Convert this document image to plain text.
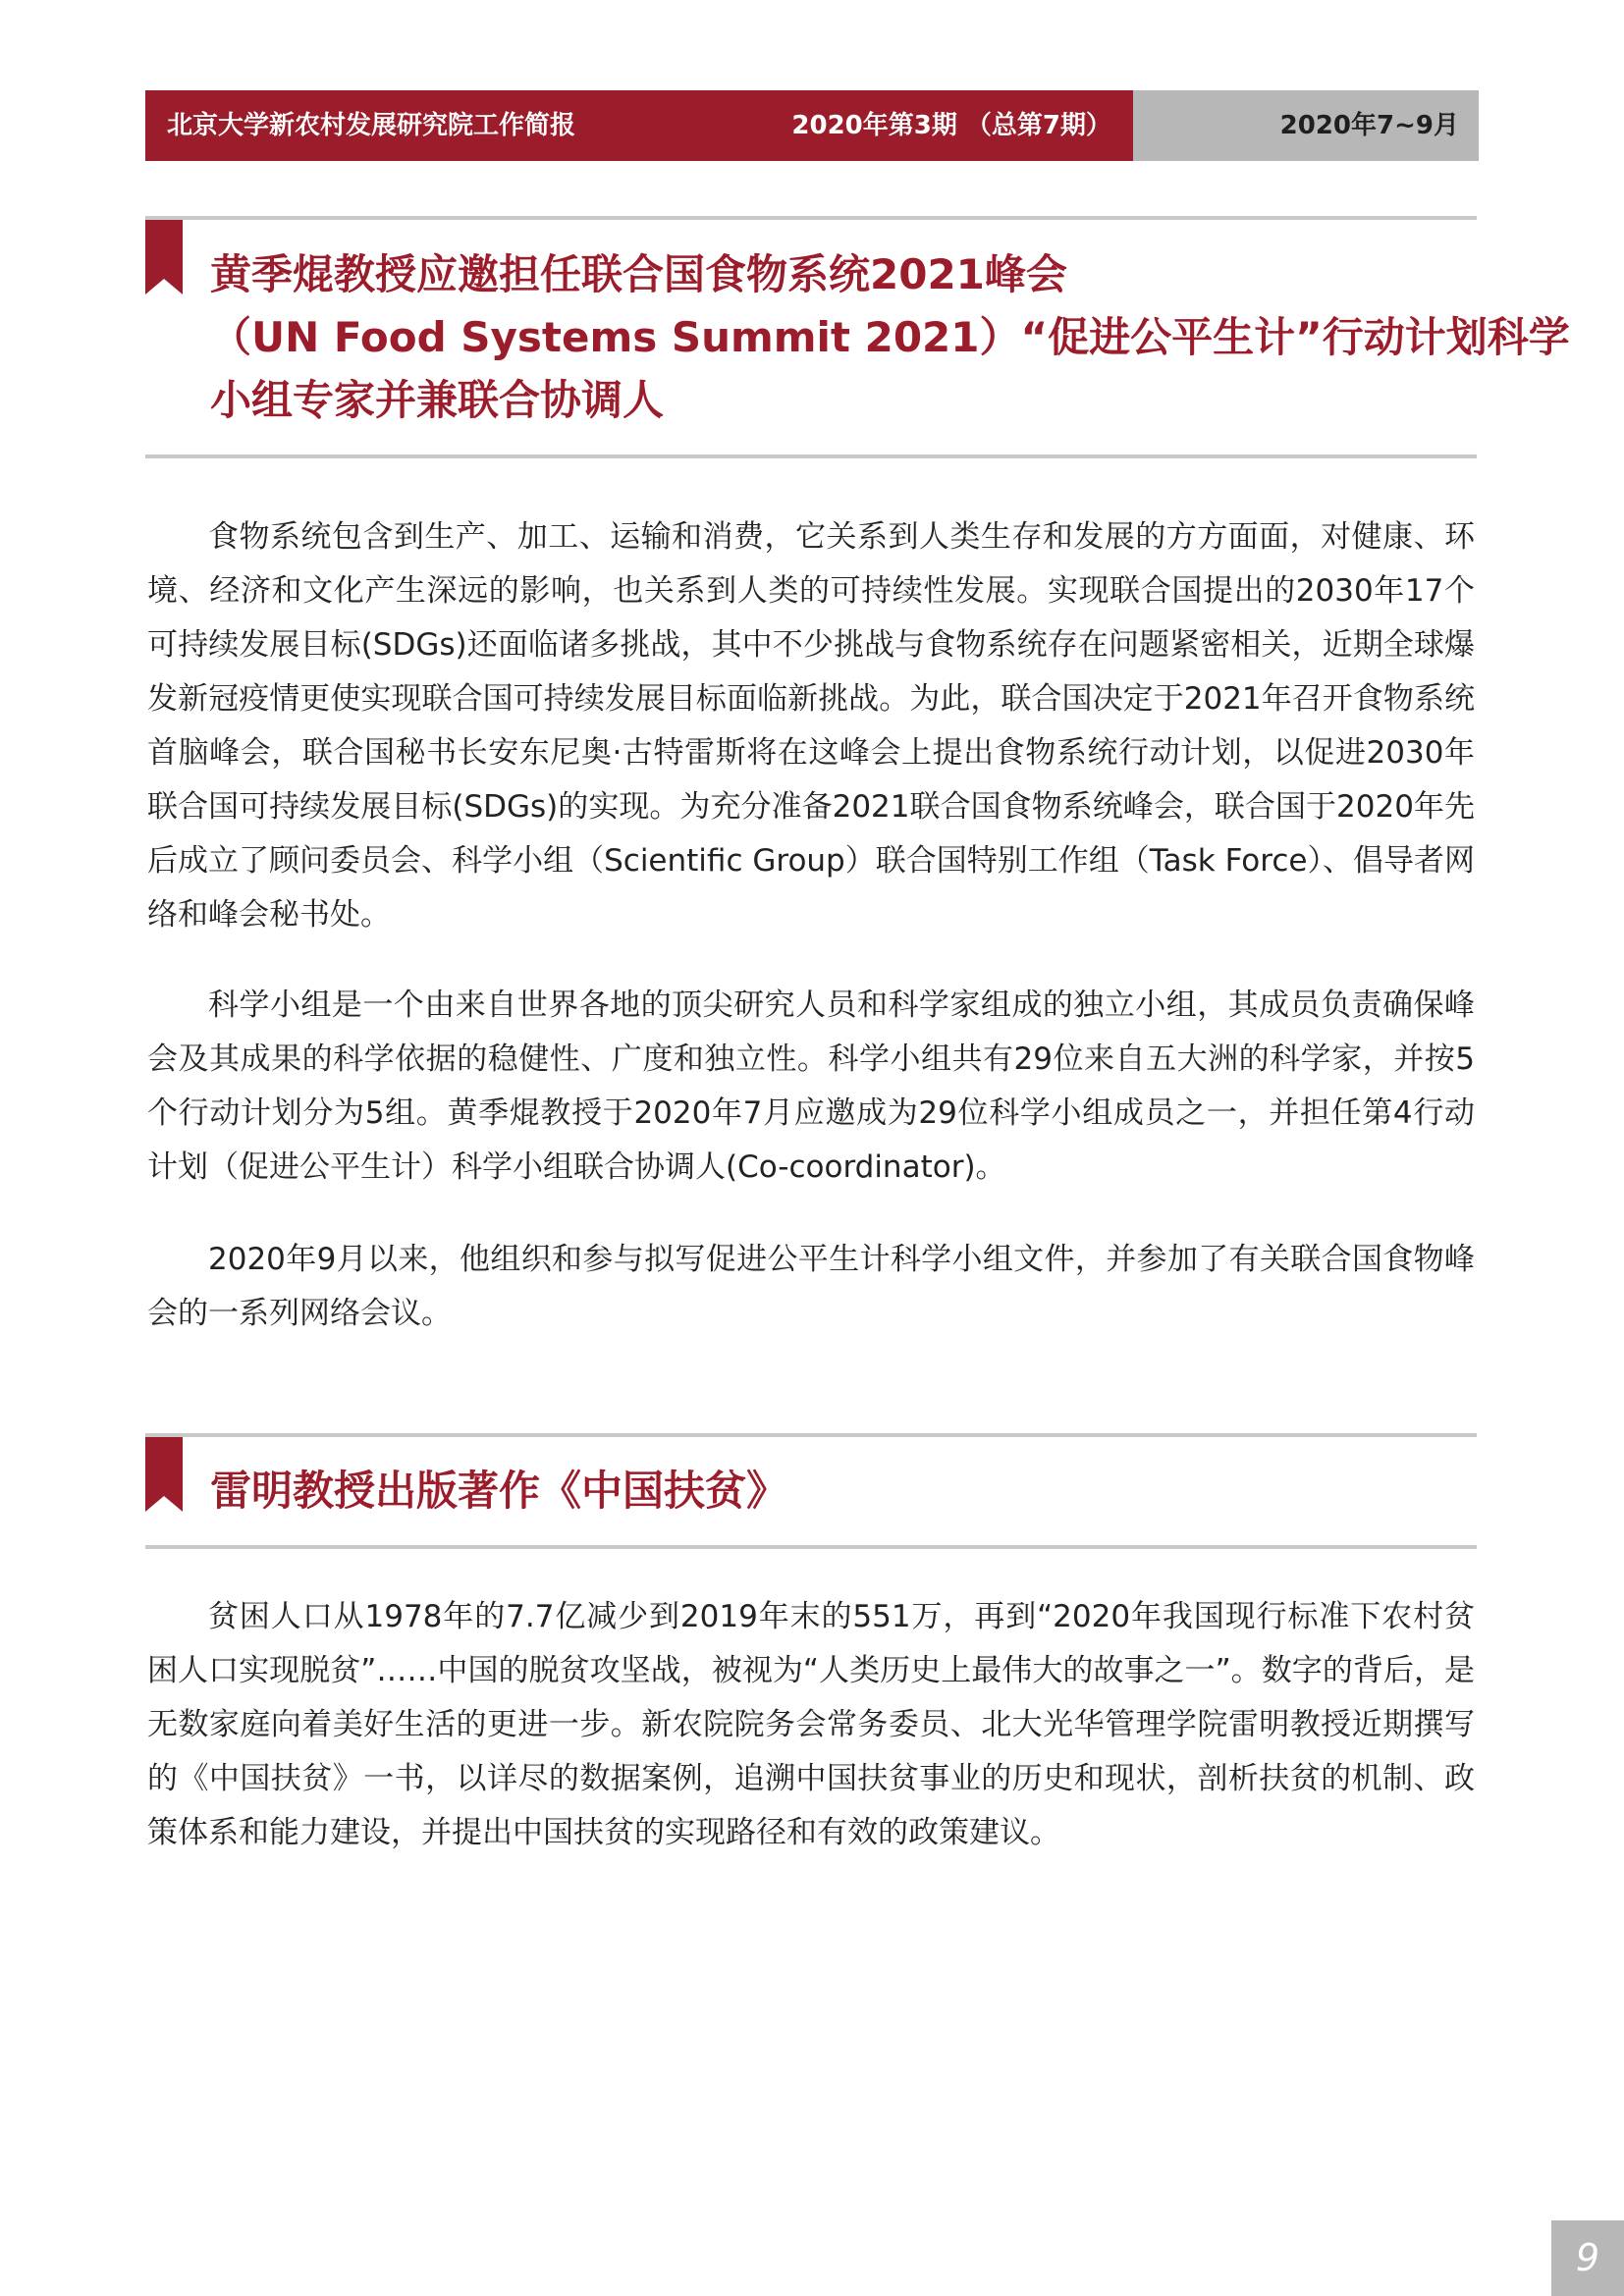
北京大学新农村发展研究院工作简报	2020年第3期 （总第7期）	2020年7~9月
黄季焜教授应邀担任联合国食物系统2021峰会
（UN Food Systems Summit 2021）“促进公平生计”行动计划科学
小组专家并兼联合协调人

食物系统包含到生产、加工、运输和消费，它关系到人类生存和发展的方方面面，对健康、环境、经济和文化产生深远的影响，也关系到人类的可持续性发展。实现联合国提出的2030年17个可持续发展目标(SDGs)还面临诸多挑战，其中不少挑战与食物系统存在问题紧密相关，近期全球爆发新冠疫情更使实现联合国可持续发展目标面临新挑战。为此，联合国决定于2021年召开食物系统首脑峰会，联合国秘书长安东尼奥·古特雷斯将在这峰会上提出食物系统行动计划，以促进2030年联合国可持续发展目标(SDGs)的实现。为充分准备2021联合国食物系统峰会，联合国于2020年先后成立了顾问委员会、科学小组（Scientific Group）联合国特别工作组（Task Force）、倡导者网络和峰会秘书处。

科学小组是一个由来自世界各地的顶尖研究人员和科学家组成的独立小组，其成员负责确保峰会及其成果的科学依据的稳健性、广度和独立性。科学小组共有29位来自五大洲的科学家，并按5个行动计划分为5组。黄季焜教授于2020年7月应邀成为29位科学小组成员之一，并担任第4行动计划（促进公平生计）科学小组联合协调人(Co-coordinator)。

2020年9月以来，他组织和参与拟写促进公平生计科学小组文件，并参加了有关联合国食物峰会的一系列网络会议。

雷明教授出版著作《中国扶贫》

贫困人口从1978年的7.7亿减少到2019年末的551万，再到“2020年我国现行标准下农村贫困人口实现脱贫”……中国的脱贫攻坚战，被视为“人类历史上最伟大的故事之一”。数字的背后，是无数家庭向着美好生活的更进一步。新农院院务会常务委员、北大光华管理学院雷明教授近期撰写的《中国扶贫》一书，以详尽的数据案例，追溯中国扶贫事业的历史和现状，剖析扶贫的机制、政策体系和能力建设，并提出中国扶贫的实现路径和有效的政策建议。

9
